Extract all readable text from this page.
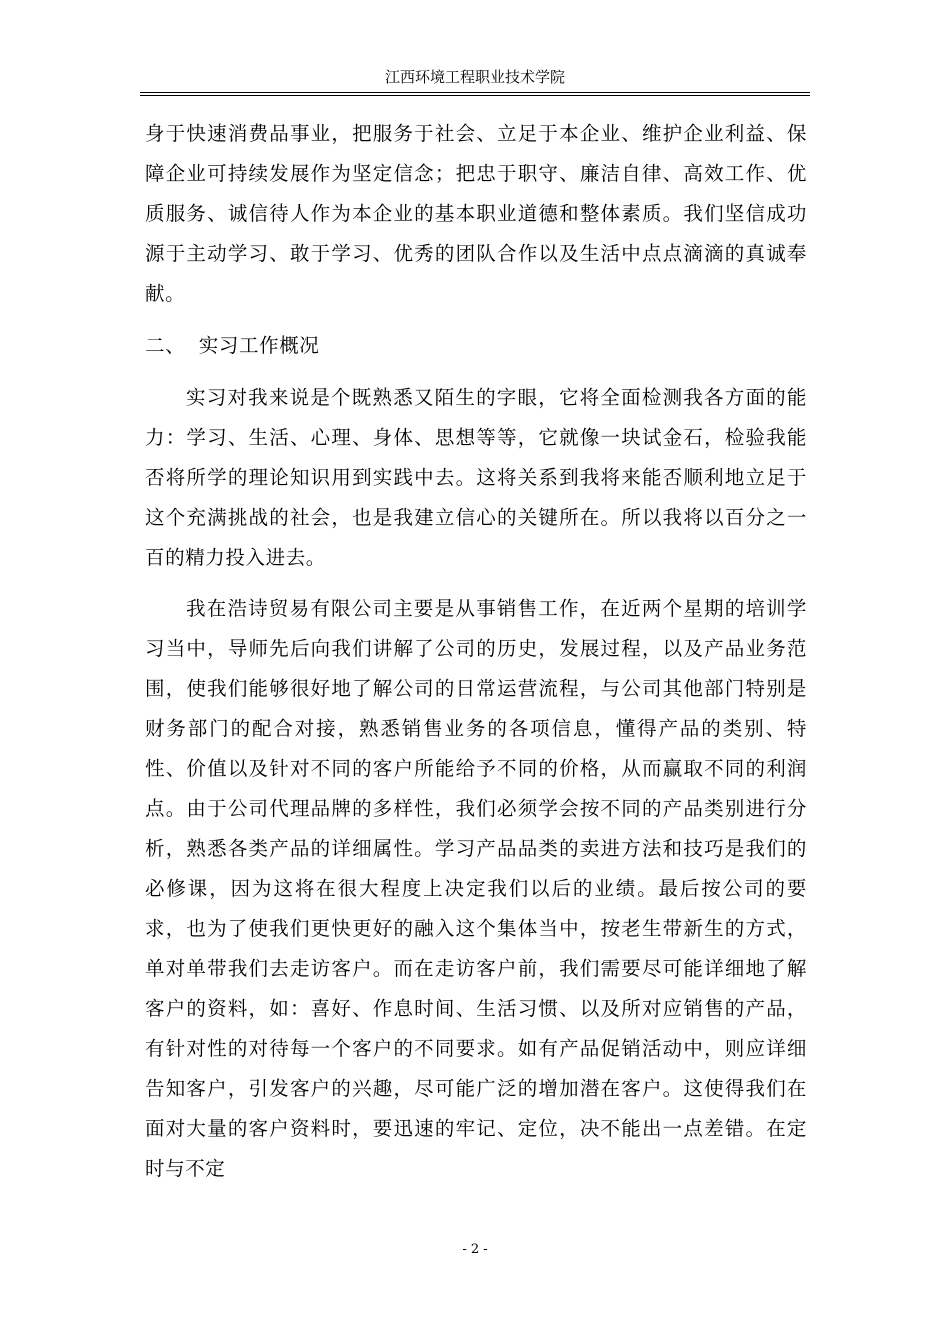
江西环境工程职业技术学院

身于快速消费品事业，把服务于社会、立足于本企业、维护企业利益、保障企业可持续发展作为坚定信念；把忠于职守、廉洁自律、高效工作、优质服务、诚信待人作为本企业的基本职业道德和整体素质。我们坚信成功源于主动学习、敢于学习、优秀的团队合作以及生活中点点滴滴的真诚奉献。

二、  实习工作概况

实习对我来说是个既熟悉又陌生的字眼，它将全面检测我各方面的能力：学习、生活、心理、身体、思想等等，它就像一块试金石，检验我能否将所学的理论知识用到实践中去。这将关系到我将来能否顺利地立足于这个充满挑战的社会，也是我建立信心的关键所在。所以我将以百分之一百的精力投入进去。

我在浩诗贸易有限公司主要是从事销售工作，在近两个星期的培训学习当中，导师先后向我们讲解了公司的历史，发展过程，以及产品业务范围，使我们能够很好地了解公司的日常运营流程，与公司其他部门特别是财务部门的配合对接，熟悉销售业务的各项信息，懂得产品的类别、特性、价值以及针对不同的客户所能给予不同的价格，从而赢取不同的利润点。由于公司代理品牌的多样性，我们必须学会按不同的产品类别进行分析，熟悉各类产品的详细属性。学习产品品类的卖进方法和技巧是我们的必修课，因为这将在很大程度上决定我们以后的业绩。最后按公司的要求，也为了使我们更快更好的融入这个集体当中，按老生带新生的方式，单对单带我们去走访客户。而在走访客户前，我们需要尽可能详细地了解客户的资料，如：喜好、作息时间、生活习惯、以及所对应销售的产品，有针对性的对待每一个客户的不同要求。如有产品促销活动中，则应详细告知客户，引发客户的兴趣，尽可能广泛的增加潜在客户。这使得我们在面对大量的客户资料时，要迅速的牢记、定位，决不能出一点差错。在定时与不定

- 2 -
